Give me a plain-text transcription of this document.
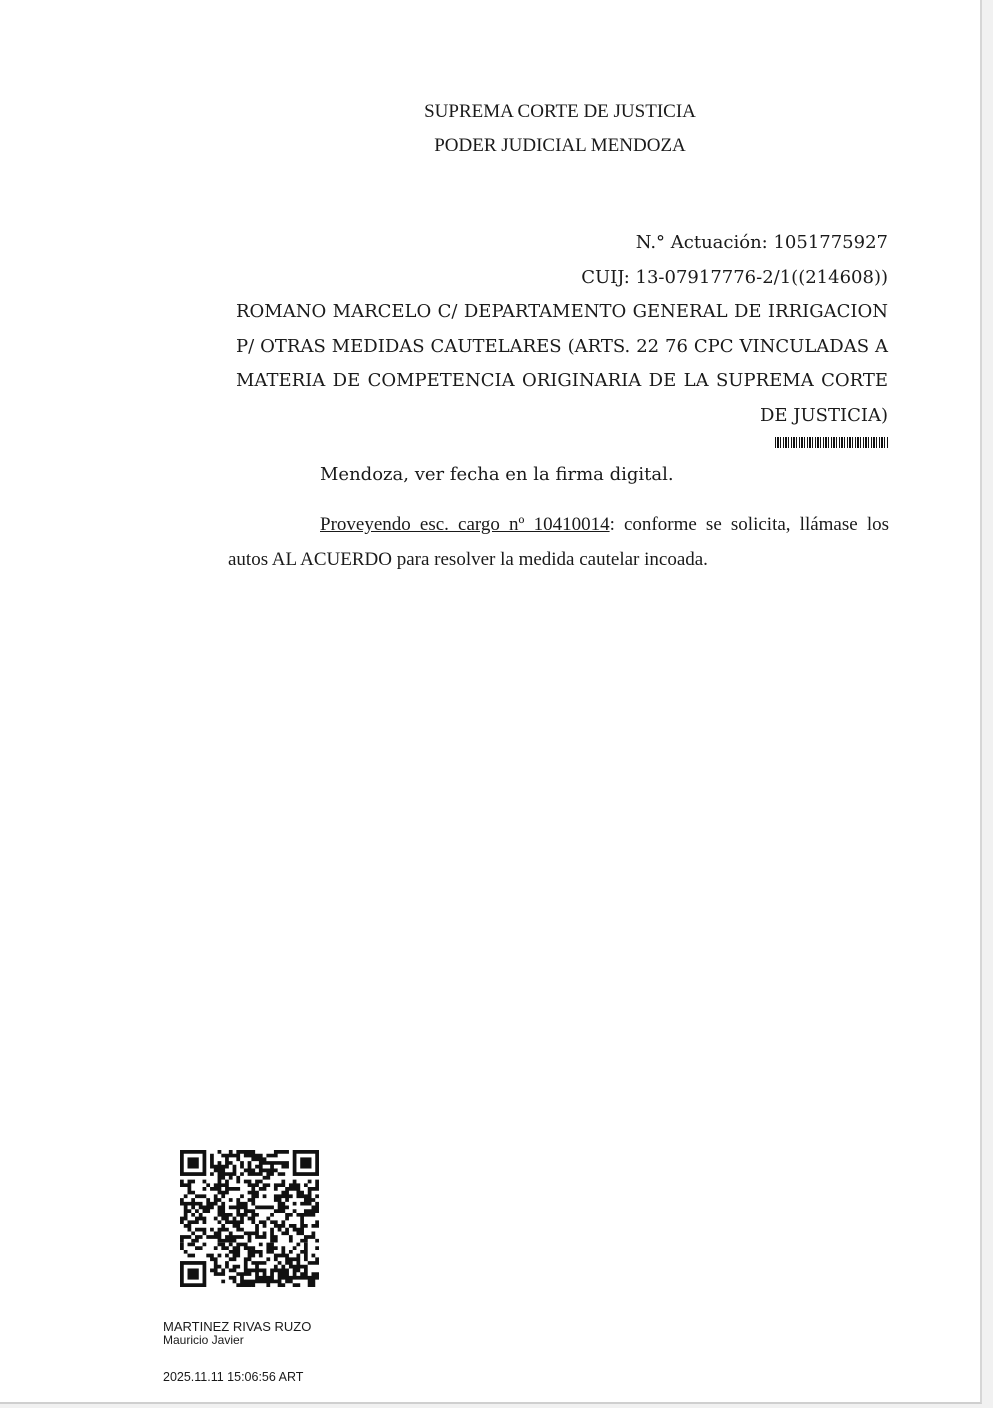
SUPREMA CORTE DE JUSTICIA
PODER JUDICIAL MENDOZA
N.° Actuación: 1051775927
CUIJ: 13-07917776-2/1((214608))
ROMANO MARCELO C/ DEPARTAMENTO GENERAL DE IRRIGACION P/ OTRAS MEDIDAS CAUTELARES (ARTS. 22 76 CPC VINCULADAS A MATERIA DE COMPETENCIA ORIGINARIA DE LA SUPREMA CORTE DE JUSTICIA)
Mendoza, ver fecha en la firma digital.
Proveyendo esc. cargo nº 10410014: conforme se solicita, llámase los autos AL ACUERDO para resolver la medida cautelar incoada.
MARTINEZ RIVAS RUZO
Mauricio Javier
2025.11.11 15:06:56 ART
